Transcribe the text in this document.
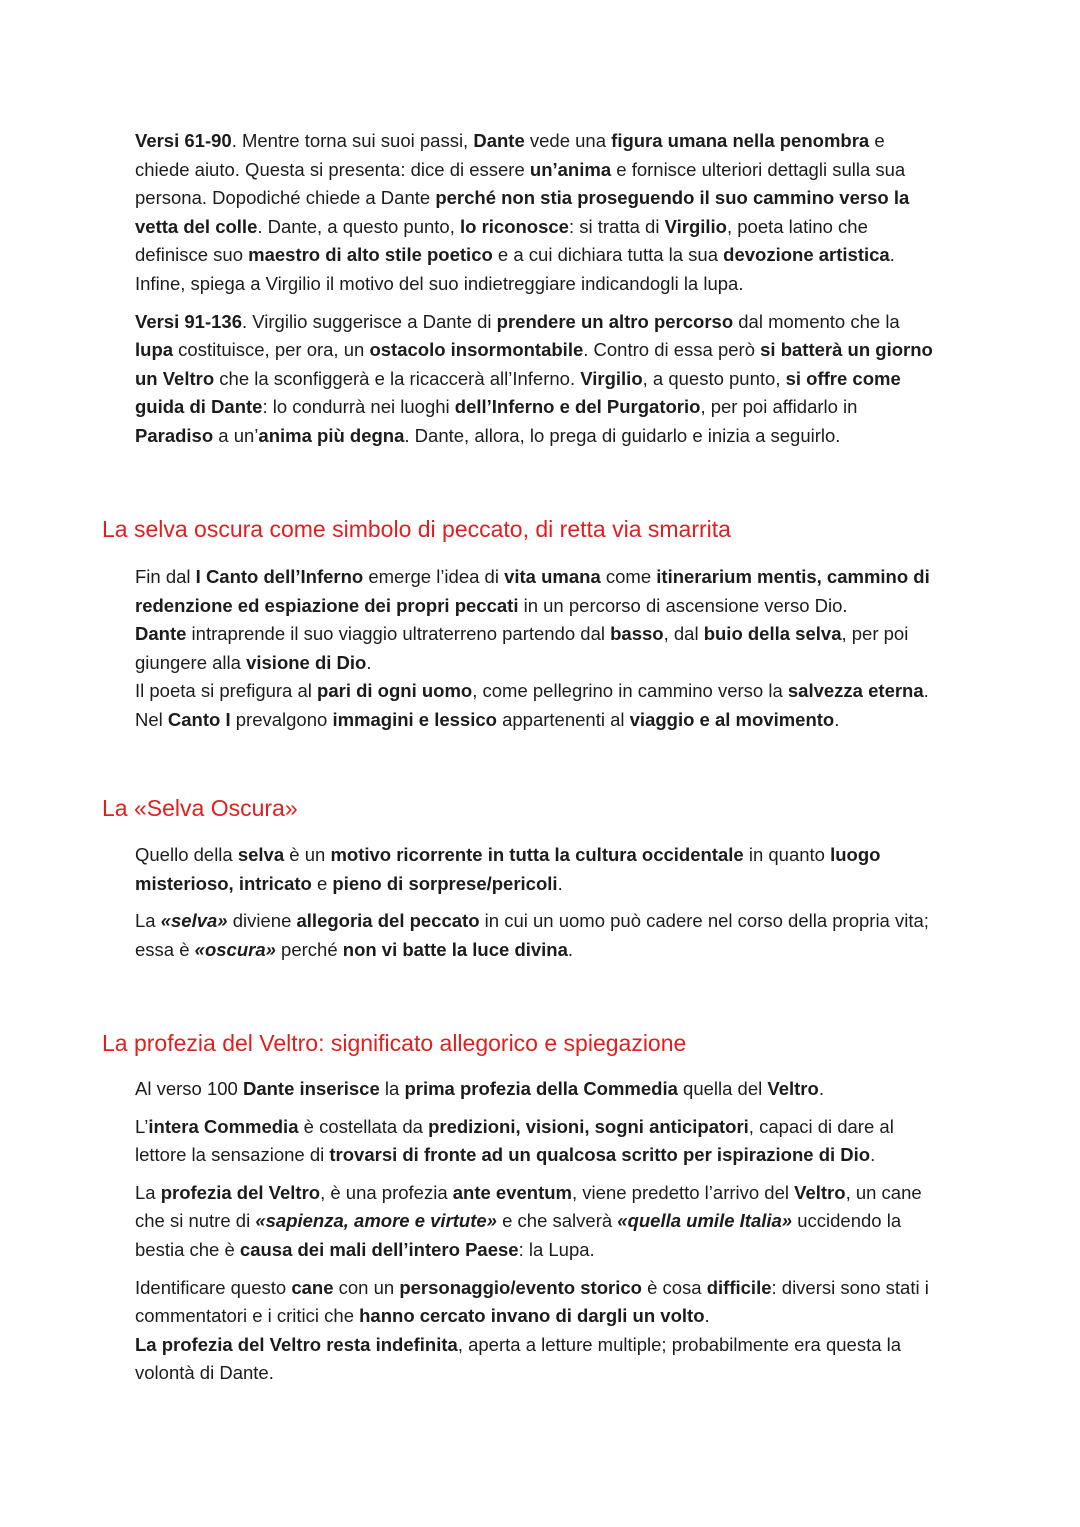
Versi 61-90. Mentre torna sui suoi passi, Dante vede una figura umana nella penombra e
chiede aiuto. Questa si presenta: dice di essere un’anima e fornisce ulteriori dettagli sulla sua
persona. Dopodiché chiede a Dante perché non stia proseguendo il suo cammino verso la
vetta del colle. Dante, a questo punto, lo riconosce: si tratta di Virgilio, poeta latino che
definisce suo maestro di alto stile poetico e a cui dichiara tutta la sua devozione artistica.
Infine, spiega a Virgilio il motivo del suo indietreggiare indicandogli la lupa.
Versi 91-136. Virgilio suggerisce a Dante di prendere un altro percorso dal momento che la
lupa costituisce, per ora, un ostacolo insormontabile. Contro di essa però si batterà un giorno
un Veltro che la sconfiggerà e la ricaccerà all’Inferno. Virgilio, a questo punto, si offre come
guida di Dante: lo condurrà nei luoghi dell’Inferno e del Purgatorio, per poi affidarlo in
Paradiso a un’anima più degna. Dante, allora, lo prega di guidarlo e inizia a seguirlo.
La selva oscura come simbolo di peccato, di retta via smarrita
Fin dal I Canto dell’Inferno emerge l’idea di vita umana come itinerarium mentis, cammino di
redenzione ed espiazione dei propri peccati in un percorso di ascensione verso Dio.
Dante intraprende il suo viaggio ultraterreno partendo dal basso, dal buio della selva, per poi
giungere alla visione di Dio.
Il poeta si prefigura al pari di ogni uomo, come pellegrino in cammino verso la salvezza eterna.
Nel Canto I prevalgono immagini e lessico appartenenti al viaggio e al movimento.
La «Selva Oscura»
Quello della selva è un motivo ricorrente in tutta la cultura occidentale in quanto luogo
misterioso, intricato e pieno di sorprese/pericoli.
La «selva» diviene allegoria del peccato in cui un uomo può cadere nel corso della propria vita;
essa è «oscura» perché non vi batte la luce divina.
La profezia del Veltro: significato allegorico e spiegazione
Al verso 100 Dante inserisce la prima profezia della Commedia quella del Veltro.
L’intera Commedia è costellata da predizioni, visioni, sogni anticipatori, capaci di dare al
lettore la sensazione di trovarsi di fronte ad un qualcosa scritto per ispirazione di Dio.
La profezia del Veltro, è una profezia ante eventum, viene predetto l’arrivo del Veltro, un cane
che si nutre di «sapienza, amore e virtute» e che salverà «quella umile Italia» uccidendo la
bestia che è causa dei mali dell’intero Paese: la Lupa.
Identificare questo cane con un personaggio/evento storico è cosa difficile: diversi sono stati i
commentatori e i critici che hanno cercato invano di dargli un volto.
La profezia del Veltro resta indefinita, aperta a letture multiple; probabilmente era questa la
volontà di Dante.
